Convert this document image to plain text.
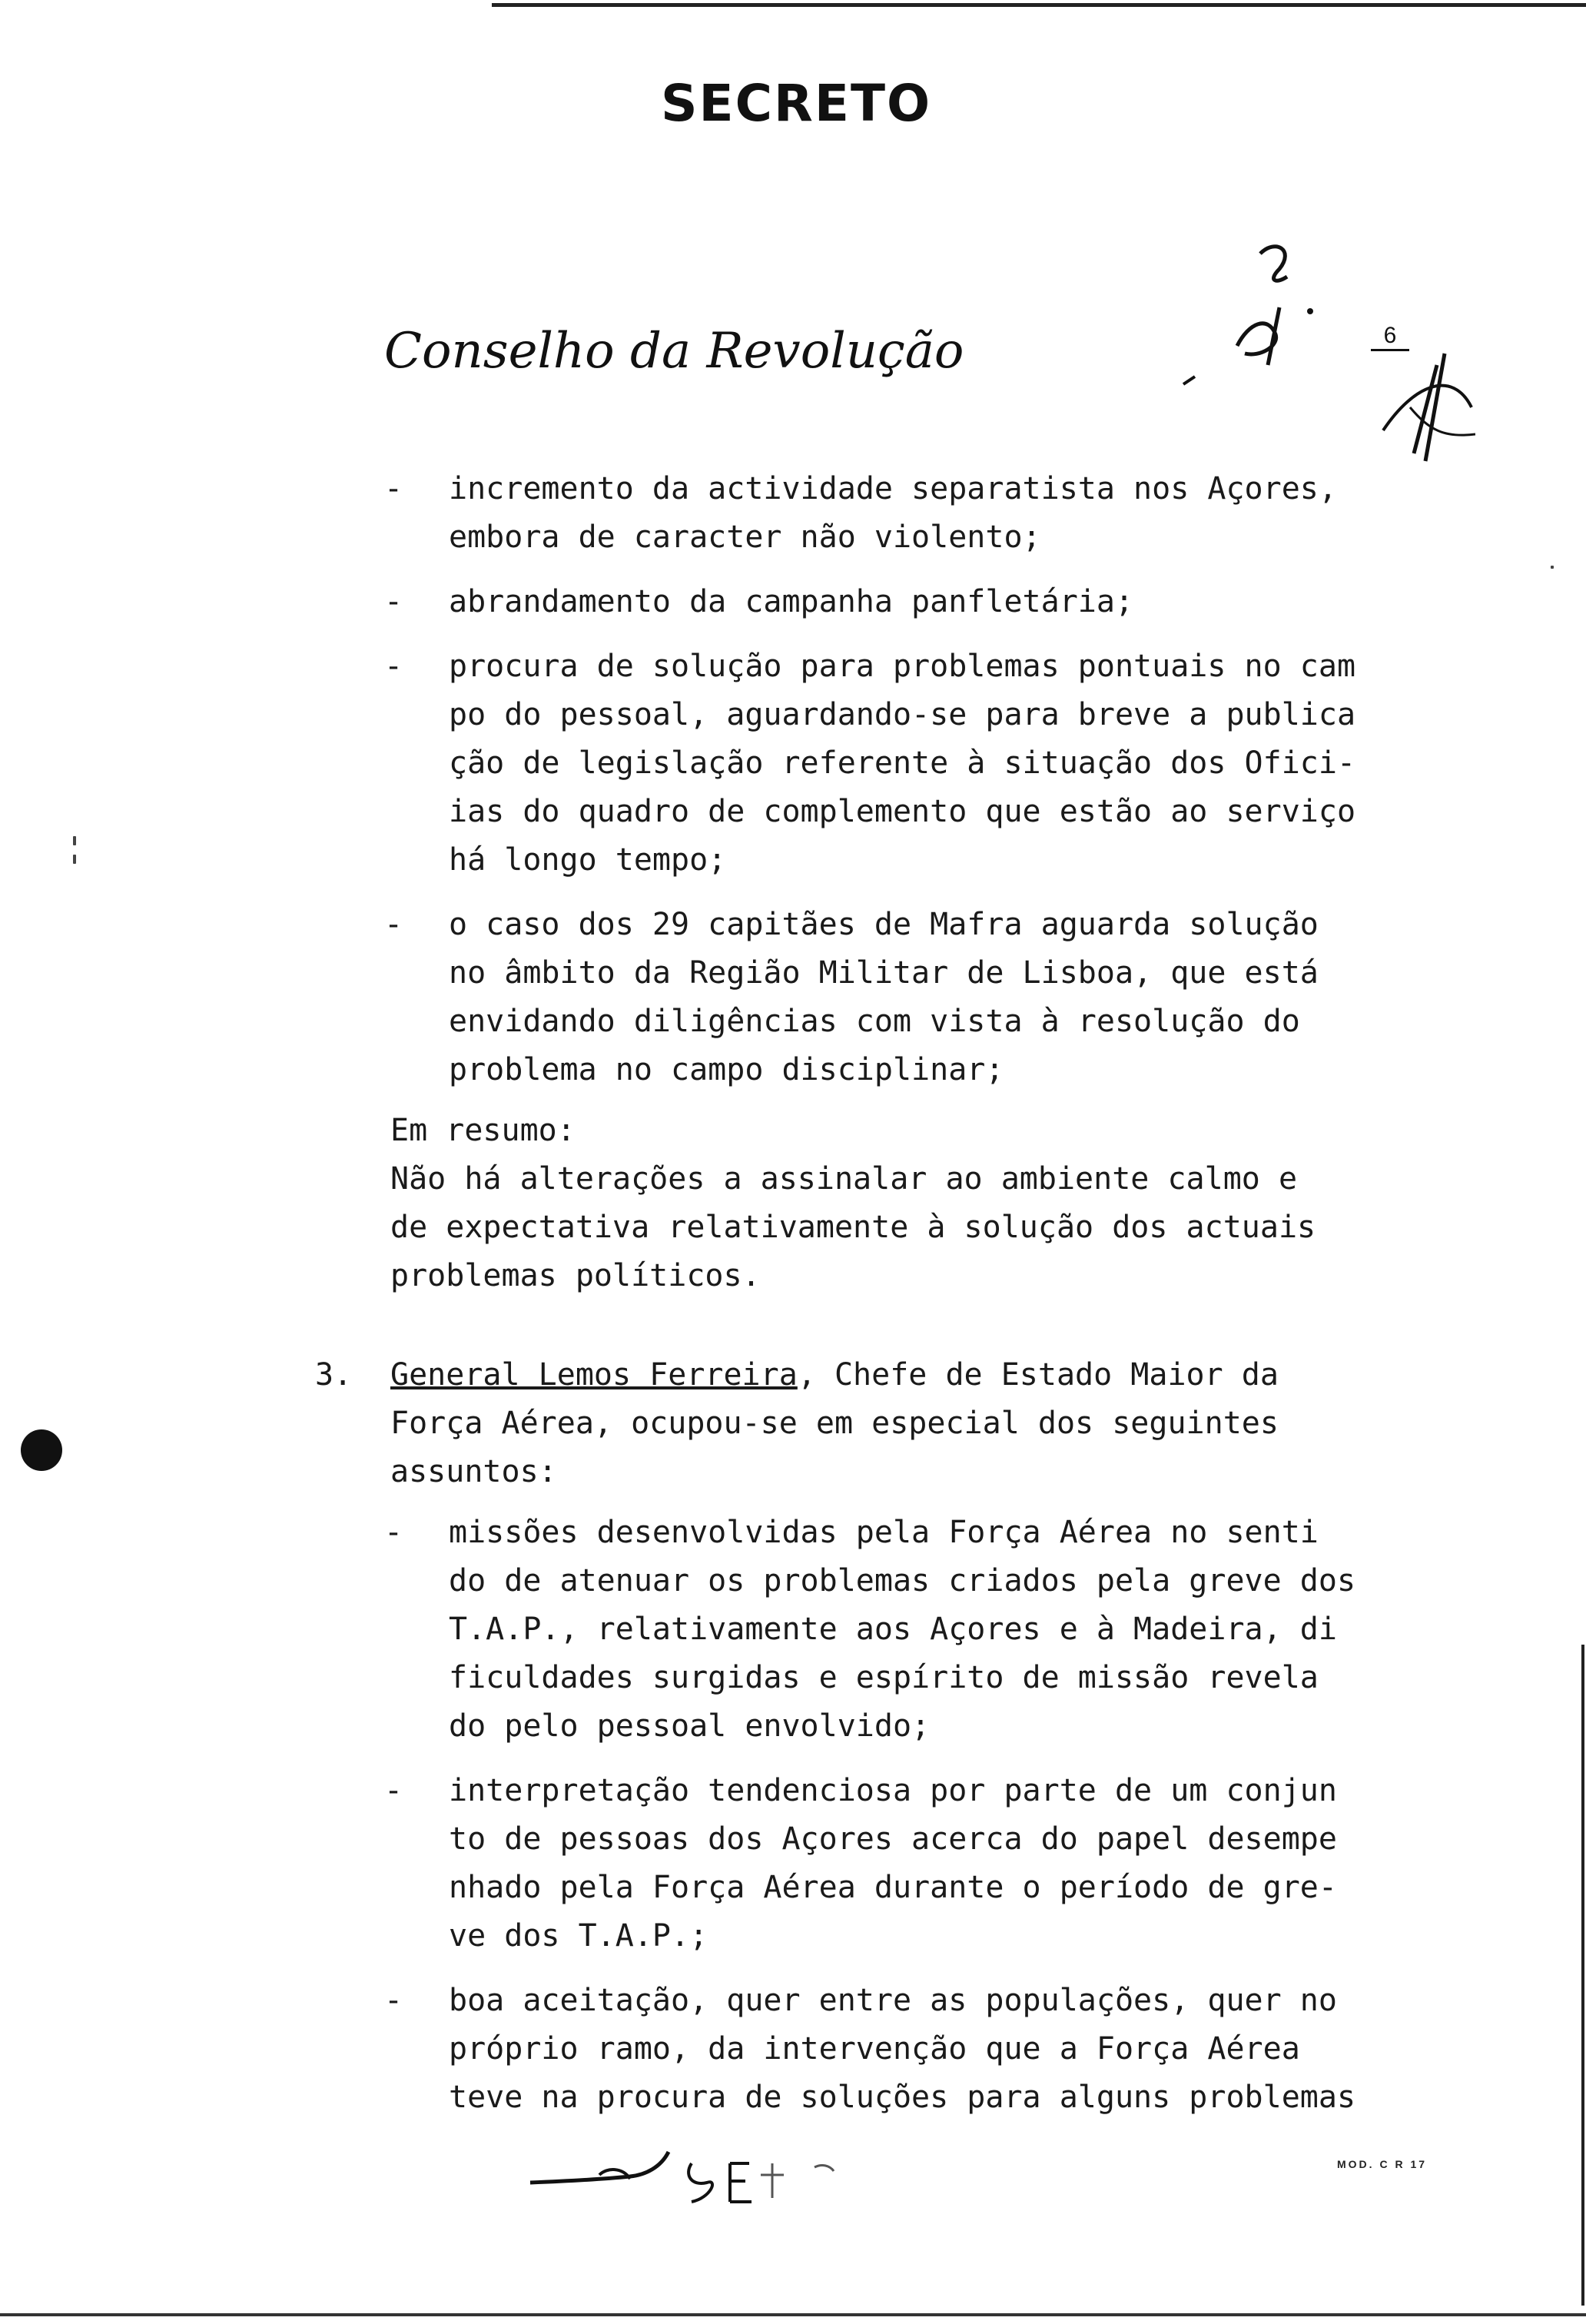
SECRETO
Conselho da Revolução	6
-	incremento da actividade separatista nos Açores,
embora de caracter não violento;
-	abrandamento da campanha panfletária;
-	procura de solução para problemas pontuais no cam
po do pessoal, aguardando-se para breve a publica
ção de legislação referente à situação dos Ofici-
ias do quadro de complemento que estão ao serviço
há longo tempo;
-	o caso dos 29 capitães de Mafra aguarda solução
no âmbito da Região Militar de Lisboa, que está
envidando diligências com vista à resolução do
problema no campo disciplinar;
Em resumo:
Não há alterações a assinalar ao ambiente calmo e
de expectativa relativamente à solução dos actuais
problemas políticos.
3. General Lemos Ferreira, Chefe de Estado Maior da
Força Aérea, ocupou-se em especial dos seguintes
assuntos:
-	missões desenvolvidas pela Força Aérea no senti
do de atenuar os problemas criados pela greve dos
T.A.P., relativamente aos Açores e à Madeira, di
ficuldades surgidas e espírito de missão revela
do pelo pessoal envolvido;
-	interpretação tendenciosa por parte de um conjun
to de pessoas dos Açores acerca do papel desempe
nhado pela Força Aérea durante o período de gre-
ve dos T.A.P.;
-	boa aceitação, quer entre as populações, quer no
próprio ramo, da intervenção que a Força Aérea
teve na procura de soluções para alguns problemas
MOD. C R 17
